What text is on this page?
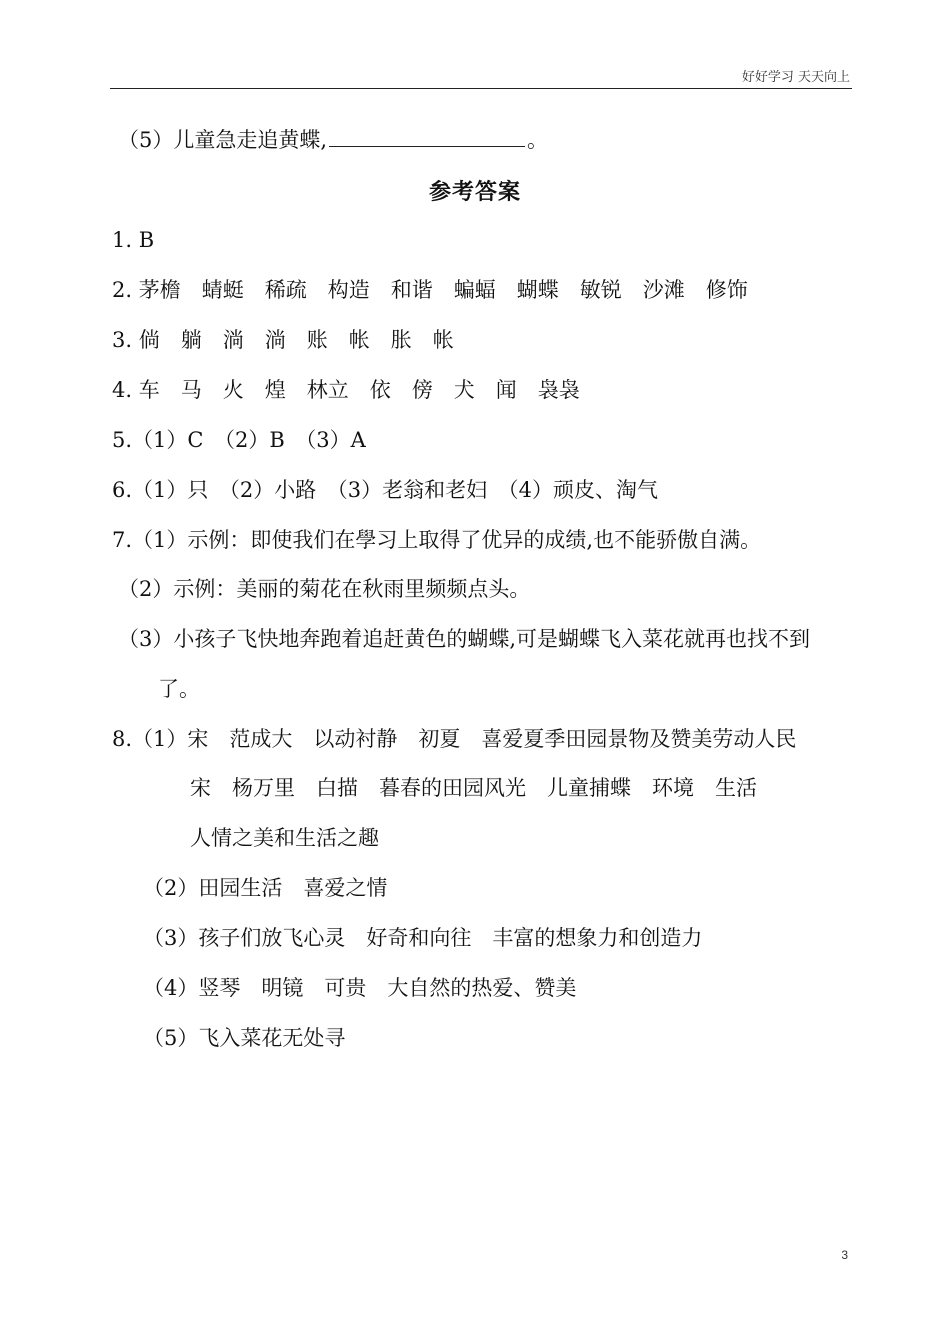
好好学习 天天向上
（5）儿童急走追黄蝶,	。
参考答案
1. B
2. 茅檐　蜻蜓　稀疏　构造　和谐　蝙蝠　蝴蝶　敏锐　沙滩　修饰
3. 倘　躺　淌　淌　账　帐　胀　帐
4. 车　马　火　煌　林立　依　傍　犬　闻　袅袅
5.（1）C　（2）B　（3）A
6.（1）只　（2）小路　（3）老翁和老妇　（4）顽皮、淘气
7.（1）示例：即使我们在學习上取得了优异的成绩,也不能骄傲自满。
（2）示例：美丽的菊花在秋雨里频频点头。
（3）小孩子飞快地奔跑着追赶黄色的蝴蝶,可是蝴蝶飞入菜花就再也找不到
了。
8.（1）宋　范成大　以动衬静　初夏　喜爱夏季田园景物及赞美劳动人民
宋　杨万里　白描　暮春的田园风光　儿童捕蝶　环境　生活
人情之美和生活之趣
（2）田园生活　喜爱之情
（3）孩子们放飞心灵　好奇和向往　丰富的想象力和创造力
（4）竖琴　明镜　可贵　大自然的热爱、赞美
（5）飞入菜花无处寻
3
